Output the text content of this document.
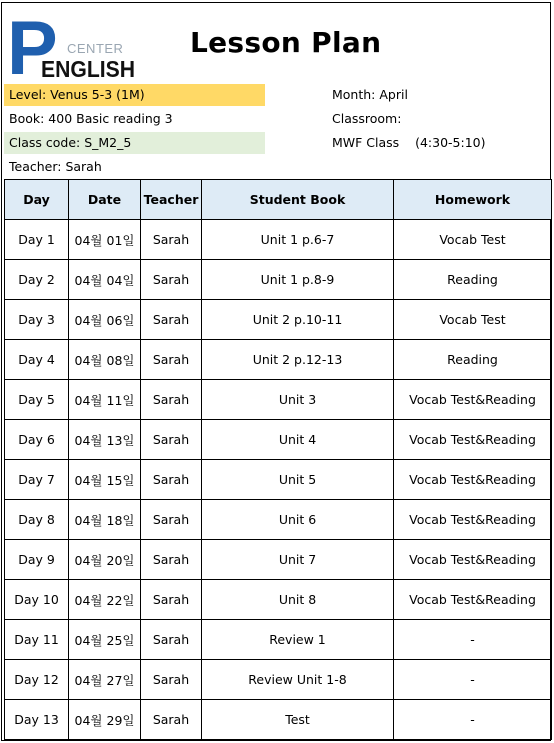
P CENTER
ENGLISH
Lesson Plan
Level: Venus 5-3 (1M)
Book: 400 Basic reading 3
Class code: S_M2_5
Teacher: Sarah
Month: April
Classroom:
MWF Class    (4:30-5:10)
Day	Date	Teacher	Student Book	Homework
Day 1	04월 01일	Sarah	Unit 1 p.6-7	Vocab Test
Day 2	04월 04일	Sarah	Unit 1 p.8-9	Reading
Day 3	04월 06일	Sarah	Unit 2 p.10-11	Vocab Test
Day 4	04월 08일	Sarah	Unit 2 p.12-13	Reading
Day 5	04월 11일	Sarah	Unit 3	Vocab Test&Reading
Day 6	04월 13일	Sarah	Unit 4	Vocab Test&Reading
Day 7	04월 15일	Sarah	Unit 5	Vocab Test&Reading
Day 8	04월 18일	Sarah	Unit 6	Vocab Test&Reading
Day 9	04월 20일	Sarah	Unit 7	Vocab Test&Reading
Day 10	04월 22일	Sarah	Unit 8	Vocab Test&Reading
Day 11	04월 25일	Sarah	Review 1	-
Day 12	04월 27일	Sarah	Review Unit 1-8	-
Day 13	04월 29일	Sarah	Test	-
